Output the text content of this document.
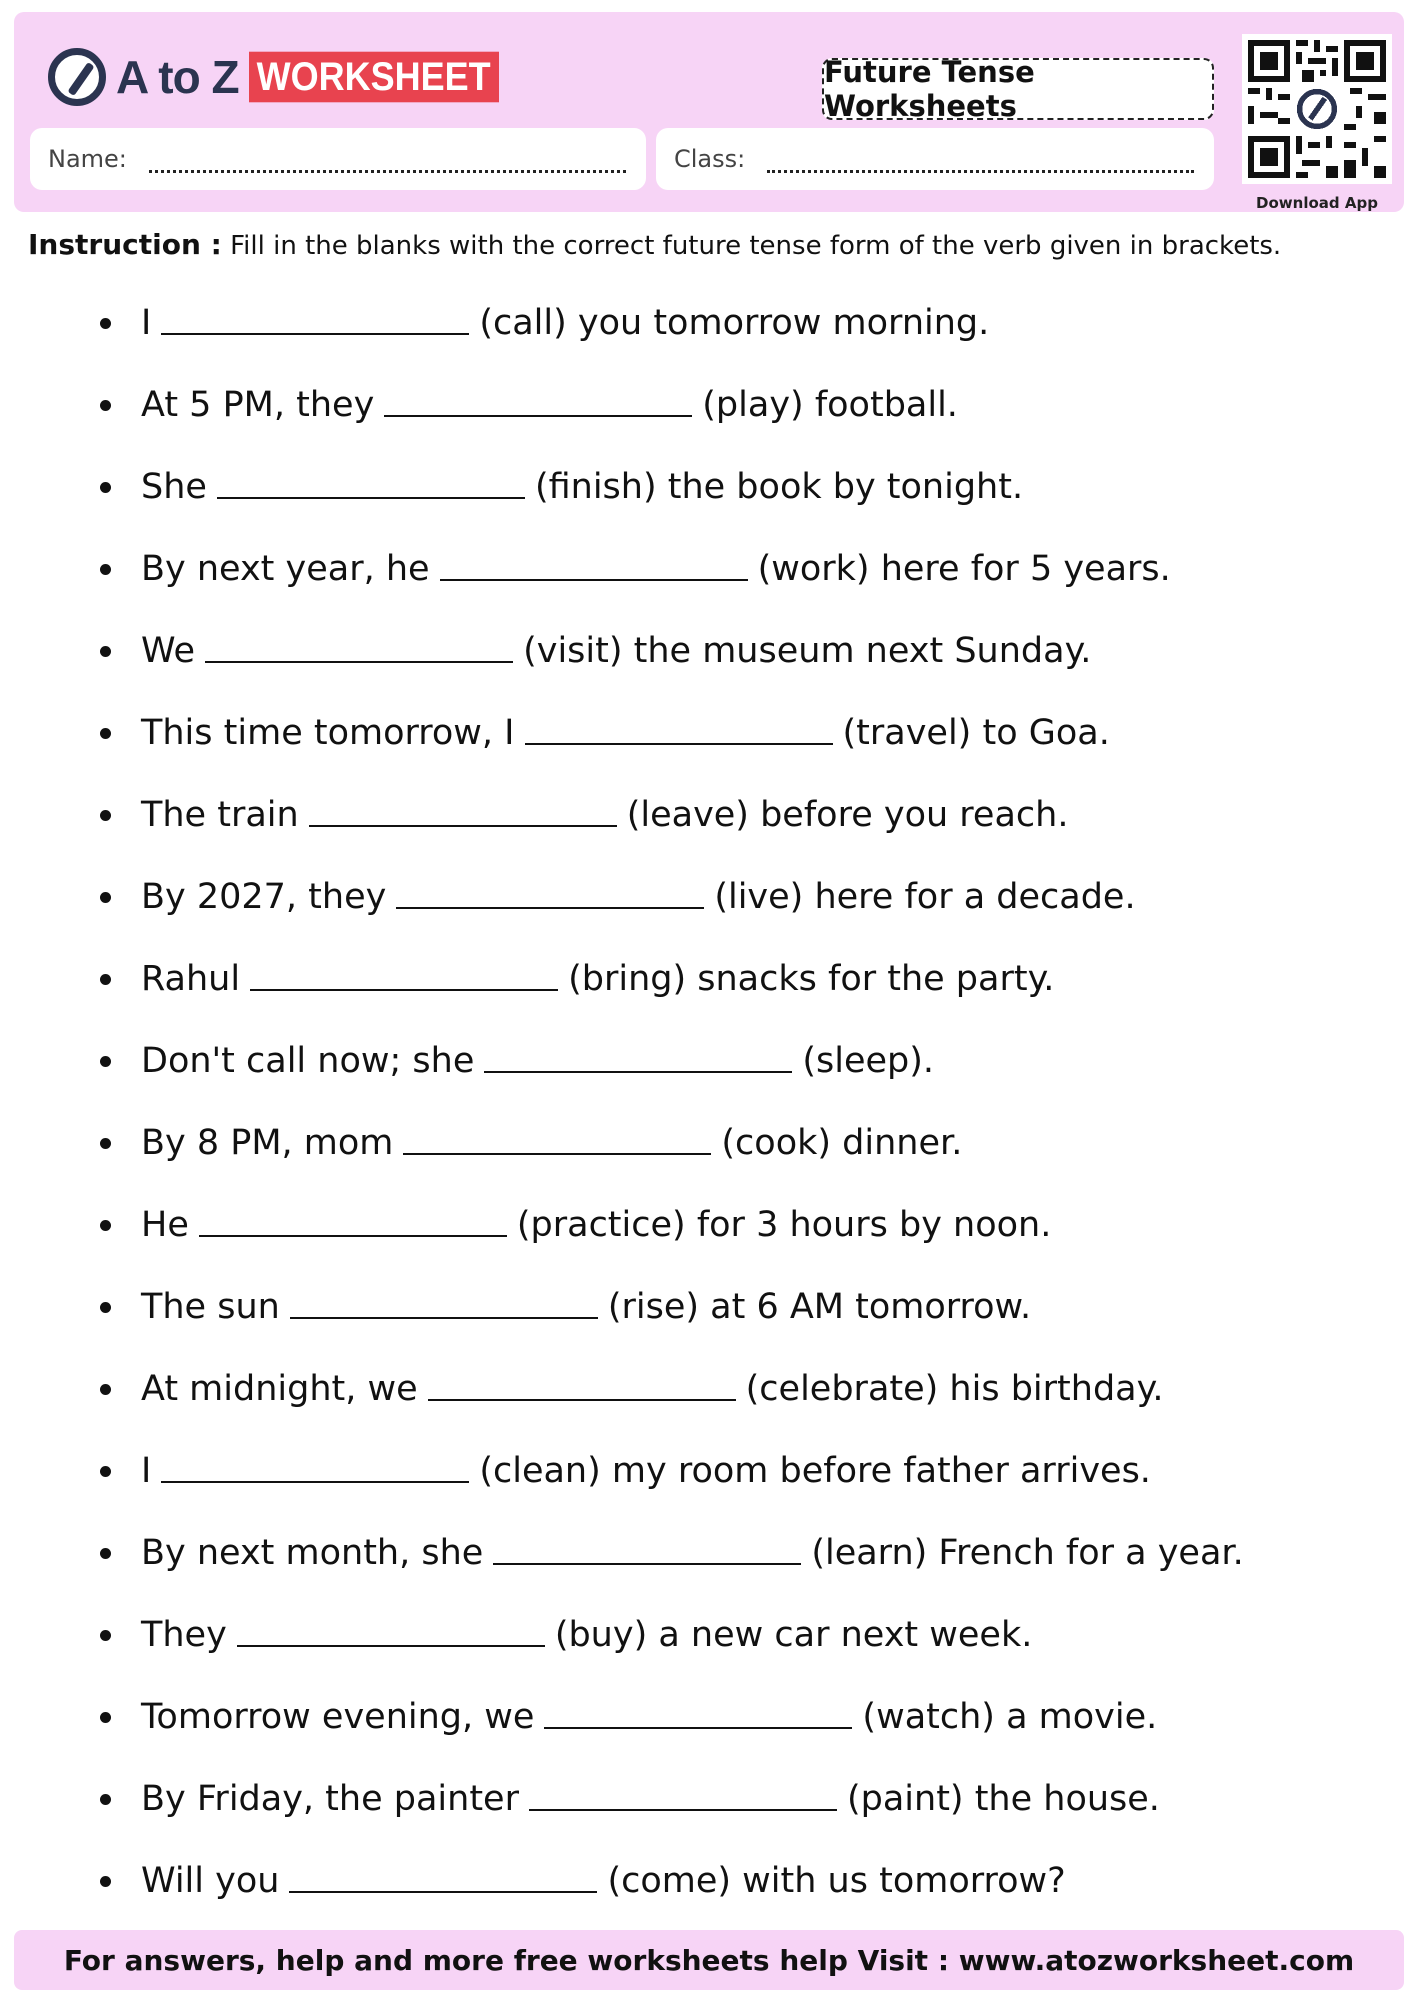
A to Z WORKSHEET	Future Tense Worksheets
Name:	Class:
Download App
Instruction : Fill in the blanks with the correct future tense form of the verb given in brackets.
I	(call) you tomorrow morning.
At 5 PM, they	(play) football.
She	(finish) the book by tonight.
By next year, he	(work) here for 5 years.
We	(visit) the museum next Sunday.
This time tomorrow, I	(travel) to Goa.
The train	(leave) before you reach.
By 2027, they	(live) here for a decade.
Rahul	(bring) snacks for the party.
Don't call now; she	(sleep).
By 8 PM, mom	(cook) dinner.
He	(practice) for 3 hours by noon.
The sun	(rise) at 6 AM tomorrow.
At midnight, we	(celebrate) his birthday.
I	(clean) my room before father arrives.
By next month, she	(learn) French for a year.
They	(buy) a new car next week.
Tomorrow evening, we	(watch) a movie.
By Friday, the painter	(paint) the house.
Will you	(come) with us tomorrow?
For answers, help and more free worksheets help Visit : www.atozworksheet.com
